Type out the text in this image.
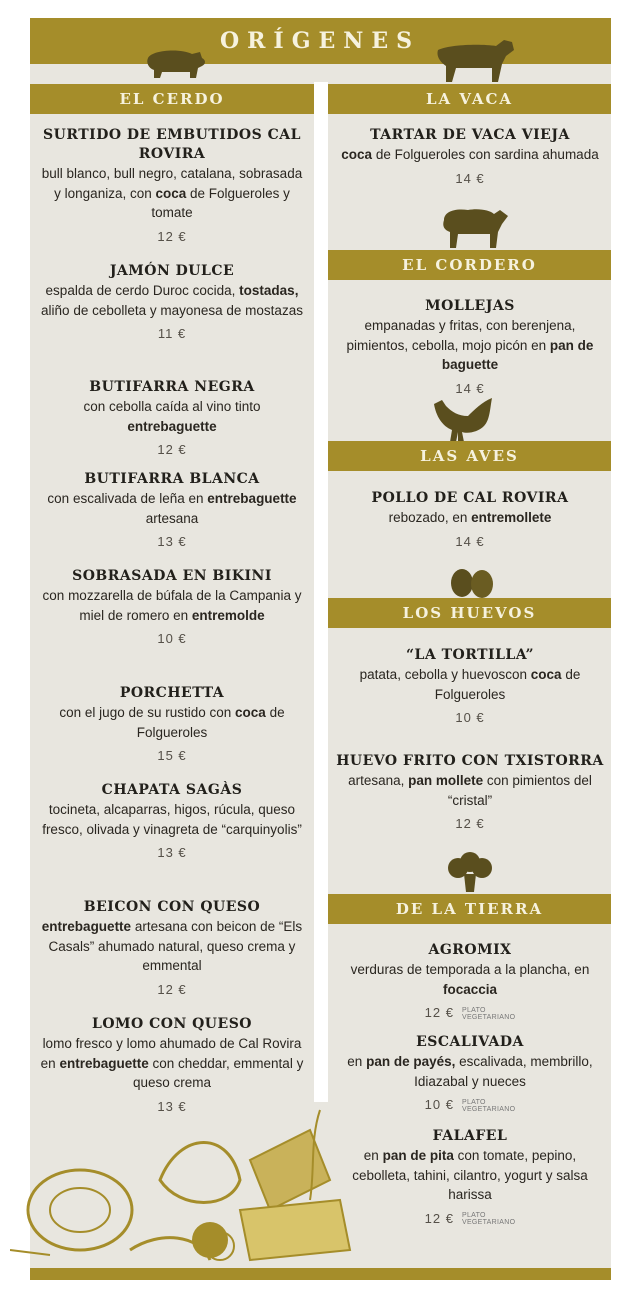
ORÍGENES
EL CERDO
SURTIDO DE EMBUTIDOS CAL ROVIRA
bull blanco, bull negro, catalana, sobrasada y longaniza, con coca de Folgueroles y tomate
12 €
JAMÓN DULCE
espalda de cerdo Duroc cocida, tostadas, aliño de cebolleta y mayonesa de mostazas
11 €
BUTIFARRA NEGRA
con cebolla caída al vino tinto entrebaguette
12 €
BUTIFARRA BLANCA
con escalivada de leña en entrebaguette artesana
13 €
SOBRASADA EN BIKINI
con mozzarella de búfala de la Campania y miel de romero en entremolde
10 €
PORCHETTA
con el jugo de su rustido con coca de Folgueroles
15 €
CHAPATA SAGÀS
tocineta, alcaparras, higos, rúcula, queso fresco, olivada y vinagreta de “carquinyolis”
13 €
BEICON CON QUESO
entrebaguette artesana con beicon de “Els Casals” ahumado natural, queso crema y emmental
12 €
LOMO CON QUESO
lomo fresco y lomo ahumado de Cal Rovira en entrebaguette con cheddar, emmental y queso crema
13 €
TARTAR DE VACA VIEJA
coca de Folgueroles con sardina ahumada
14 €
MOLLEJAS
empanadas y fritas, con berenjena, pimientos, cebolla, mojo picón en pan de baguette
14 €
POLLO DE CAL ROVIRA
rebozado, en entremollete
14 €
“LA TORTILLA”
patata, cebolla y huevoscon coca de Folgueroles
10 €
HUEVO FRITO CON TXISTORRA
artesana, pan mollete con pimientos del “cristal”
12 €
AGROMIX
verduras de temporada a la plancha, en focaccia
12 € PLATO
VEGETARIANO
ESCALIVADA
en pan de payés, escalivada, membrillo, Idiazabal y nueces
10 € PLATO
VEGETARIANO
FALAFEL
en pan de pita con tomate, pepino, cebolleta, tahini, cilantro, yogurt y salsa harissa
12 € PLATO
VEGETARIANO
LA VACA
EL CORDERO
LAS AVES
LOS HUEVOS
DE LA TIERRA
